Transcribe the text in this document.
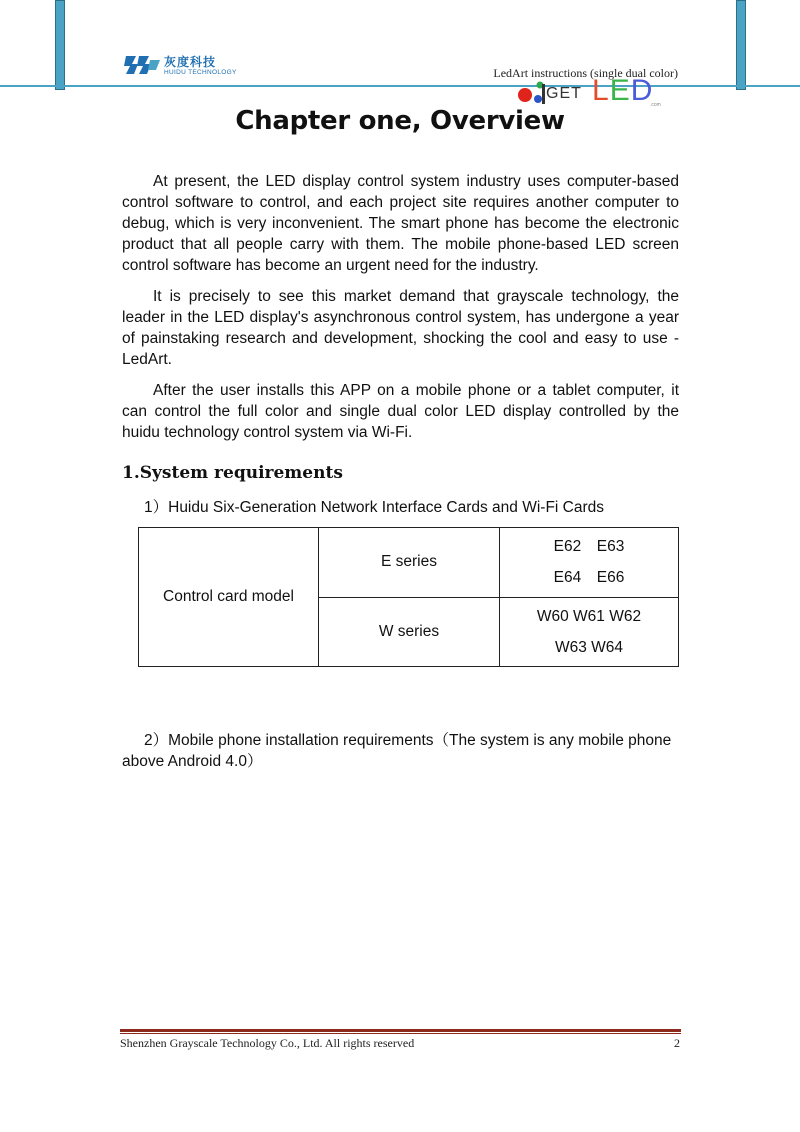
灰度科技
HUIDU TECHNOLOGY	LedArt instructions (single dual color)
GET LED
.com
Chapter one, Overview

At present, the LED display control system industry uses computer-based control software to control, and each project site requires another computer to debug, which is very inconvenient. The smart phone has become the electronic product that all people carry with them. The mobile phone-based LED screen control software has become an urgent need for the industry.

It is precisely to see this market demand that grayscale technology, the leader in the LED display's asynchronous control system, has undergone a year of painstaking research and development, shocking the cool and easy to use - LedArt.

After the user installs this APP on a mobile phone or a tablet computer, it can control the full color and single dual color LED display controlled by the huidu technology control system via Wi-Fi.

1.System requirements

1）Huidu Six-Generation Network Interface Cards and Wi-Fi Cards

Control card model	E series	E62　E63
E64　E66

	W series	W60 W61 W62
W63 W64

2）Mobile phone installation requirements（The system is any mobile phone above Android 4.0）

Shenzhen Grayscale Technology Co., Ltd. All rights reserved	2
